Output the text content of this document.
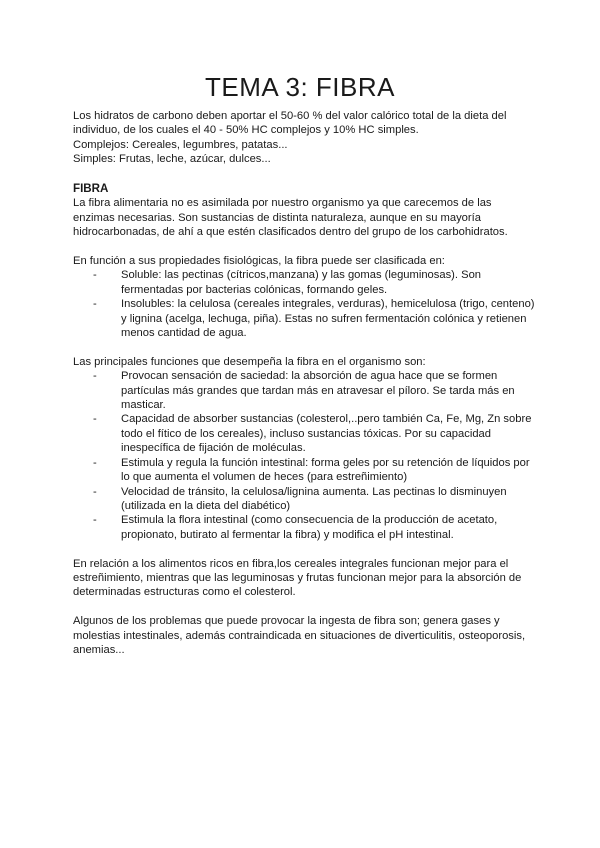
TEMA 3: FIBRA

Los hidratos de carbono deben aportar el 50-60 % del valor calórico total de la dieta del individuo, de los cuales el 40 - 50% HC complejos y 10% HC simples.

Complejos: Cereales, legumbres, patatas...

Simples: Frutas, leche, azúcar, dulces...

FIBRA

La fibra alimentaria no es asimilada por nuestro organismo ya que carecemos de las enzimas necesarias. Son sustancias de distinta naturaleza, aunque en su mayoría hidrocarbonadas, de ahí a que estén clasificados dentro del grupo de los carbohidratos.

En función a sus propiedades fisiológicas, la fibra puede ser clasificada en:

- Soluble: las pectinas (cítricos,manzana) y las gomas (leguminosas). Son fermentadas por bacterias colónicas, formando geles.
- Insolubles: la celulosa (cereales integrales, verduras), hemicelulosa (trigo, centeno) y lignina (acelga, lechuga, piña). Estas no sufren fermentación colónica y retienen menos cantidad de agua.

Las principales funciones que desempeña la fibra en el organismo son:

- Provocan sensación de saciedad: la absorción de agua hace que se formen partículas más grandes que tardan más en atravesar el píloro. Se tarda más en masticar.
- Capacidad de absorber sustancias (colesterol,..pero también Ca, Fe, Mg, Zn sobre todo el fítico de los cereales), incluso sustancias tóxicas. Por su capacidad inespecífica de fijación de moléculas.
- Estimula y regula la función intestinal: forma geles por su retención de líquidos por lo que aumenta el volumen de heces (para estreñimiento)
- Velocidad de tránsito, la celulosa/lignina aumenta. Las pectinas lo disminuyen (utilizada en la dieta del diabético)
- Estimula la flora intestinal (como consecuencia de la producción de acetato, propionato, butirato al fermentar la fibra) y modifica el pH intestinal.

En relación a los alimentos ricos en fibra,los cereales integrales funcionan mejor para el estreñimiento, mientras que las leguminosas y frutas funcionan mejor para la absorción de determinadas estructuras como el colesterol.

Algunos de los problemas que puede provocar la ingesta de fibra son; genera gases y molestias intestinales, además contraindicada en situaciones de diverticulitis, osteoporosis, anemias...
